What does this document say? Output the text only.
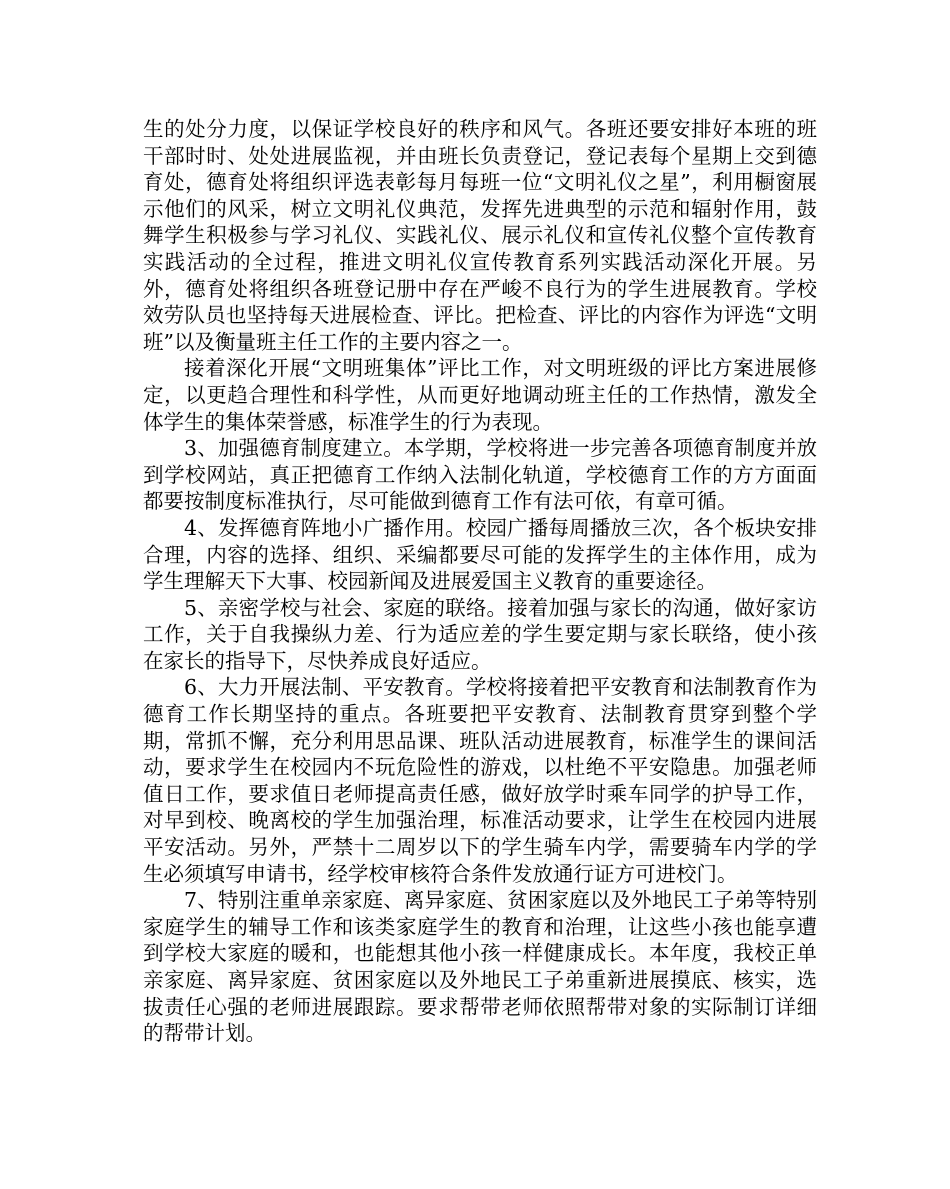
生的处分力度，以保证学校良好的秩序和风气。各班还要安排好本班的班干部时时、处处进展监视，并由班长负责登记，登记表每个星期上交到德育处，德育处将组织评选表彰每月每班一位“文明礼仪之星”，利用橱窗展示他们的风采，树立文明礼仪典范，发挥先进典型的示范和辐射作用，鼓舞学生积极参与学习礼仪、实践礼仪、展示礼仪和宣传礼仪整个宣传教育实践活动的全过程，推进文明礼仪宣传教育系列实践活动深化开展。另外，德育处将组织各班登记册中存在严峻不良行为的学生进展教育。学校效劳队员也坚持每天进展检查、评比。把检查、评比的内容作为评选“文明班”以及衡量班主任工作的主要内容之一。

接着深化开展“文明班集体”评比工作，对文明班级的评比方案进展修定，以更趋合理性和科学性，从而更好地调动班主任的工作热情，激发全体学生的集体荣誉感，标准学生的行为表现。

3、加强德育制度建立。本学期，学校将进一步完善各项德育制度并放到学校网站，真正把德育工作纳入法制化轨道，学校德育工作的方方面面都要按制度标准执行，尽可能做到德育工作有法可依，有章可循。

4、发挥德育阵地小广播作用。校园广播每周播放三次，各个板块安排合理，内容的选择、组织、采编都要尽可能的发挥学生的主体作用，成为学生理解天下大事、校园新闻及进展爱国主义教育的重要途径。

5、亲密学校与社会、家庭的联络。接着加强与家长的沟通，做好家访工作，关于自我操纵力差、行为适应差的学生要定期与家长联络，使小孩在家长的指导下，尽快养成良好适应。

6、大力开展法制、平安教育。学校将接着把平安教育和法制教育作为德育工作长期坚持的重点。各班要把平安教育、法制教育贯穿到整个学期，常抓不懈，充分利用思品课、班队活动进展教育，标准学生的课间活动，要求学生在校园内不玩危险性的游戏，以杜绝不平安隐患。加强老师值日工作，要求值日老师提高责任感，做好放学时乘车同学的护导工作，对早到校、晚离校的学生加强治理，标准活动要求，让学生在校园内进展平安活动。另外，严禁十二周岁以下的学生骑车内学，需要骑车内学的学生必须填写申请书，经学校审核符合条件发放通行证方可进校门。

7、特别注重单亲家庭、离异家庭、贫困家庭以及外地民工子弟等特别家庭学生的辅导工作和该类家庭学生的教育和治理，让这些小孩也能享遭到学校大家庭的暖和，也能想其他小孩一样健康成长。本年度，我校正单亲家庭、离异家庭、贫困家庭以及外地民工子弟重新进展摸底、核实，选拔责任心强的老师进展跟踪。要求帮带老师依照帮带对象的实际制订详细的帮带计划。
